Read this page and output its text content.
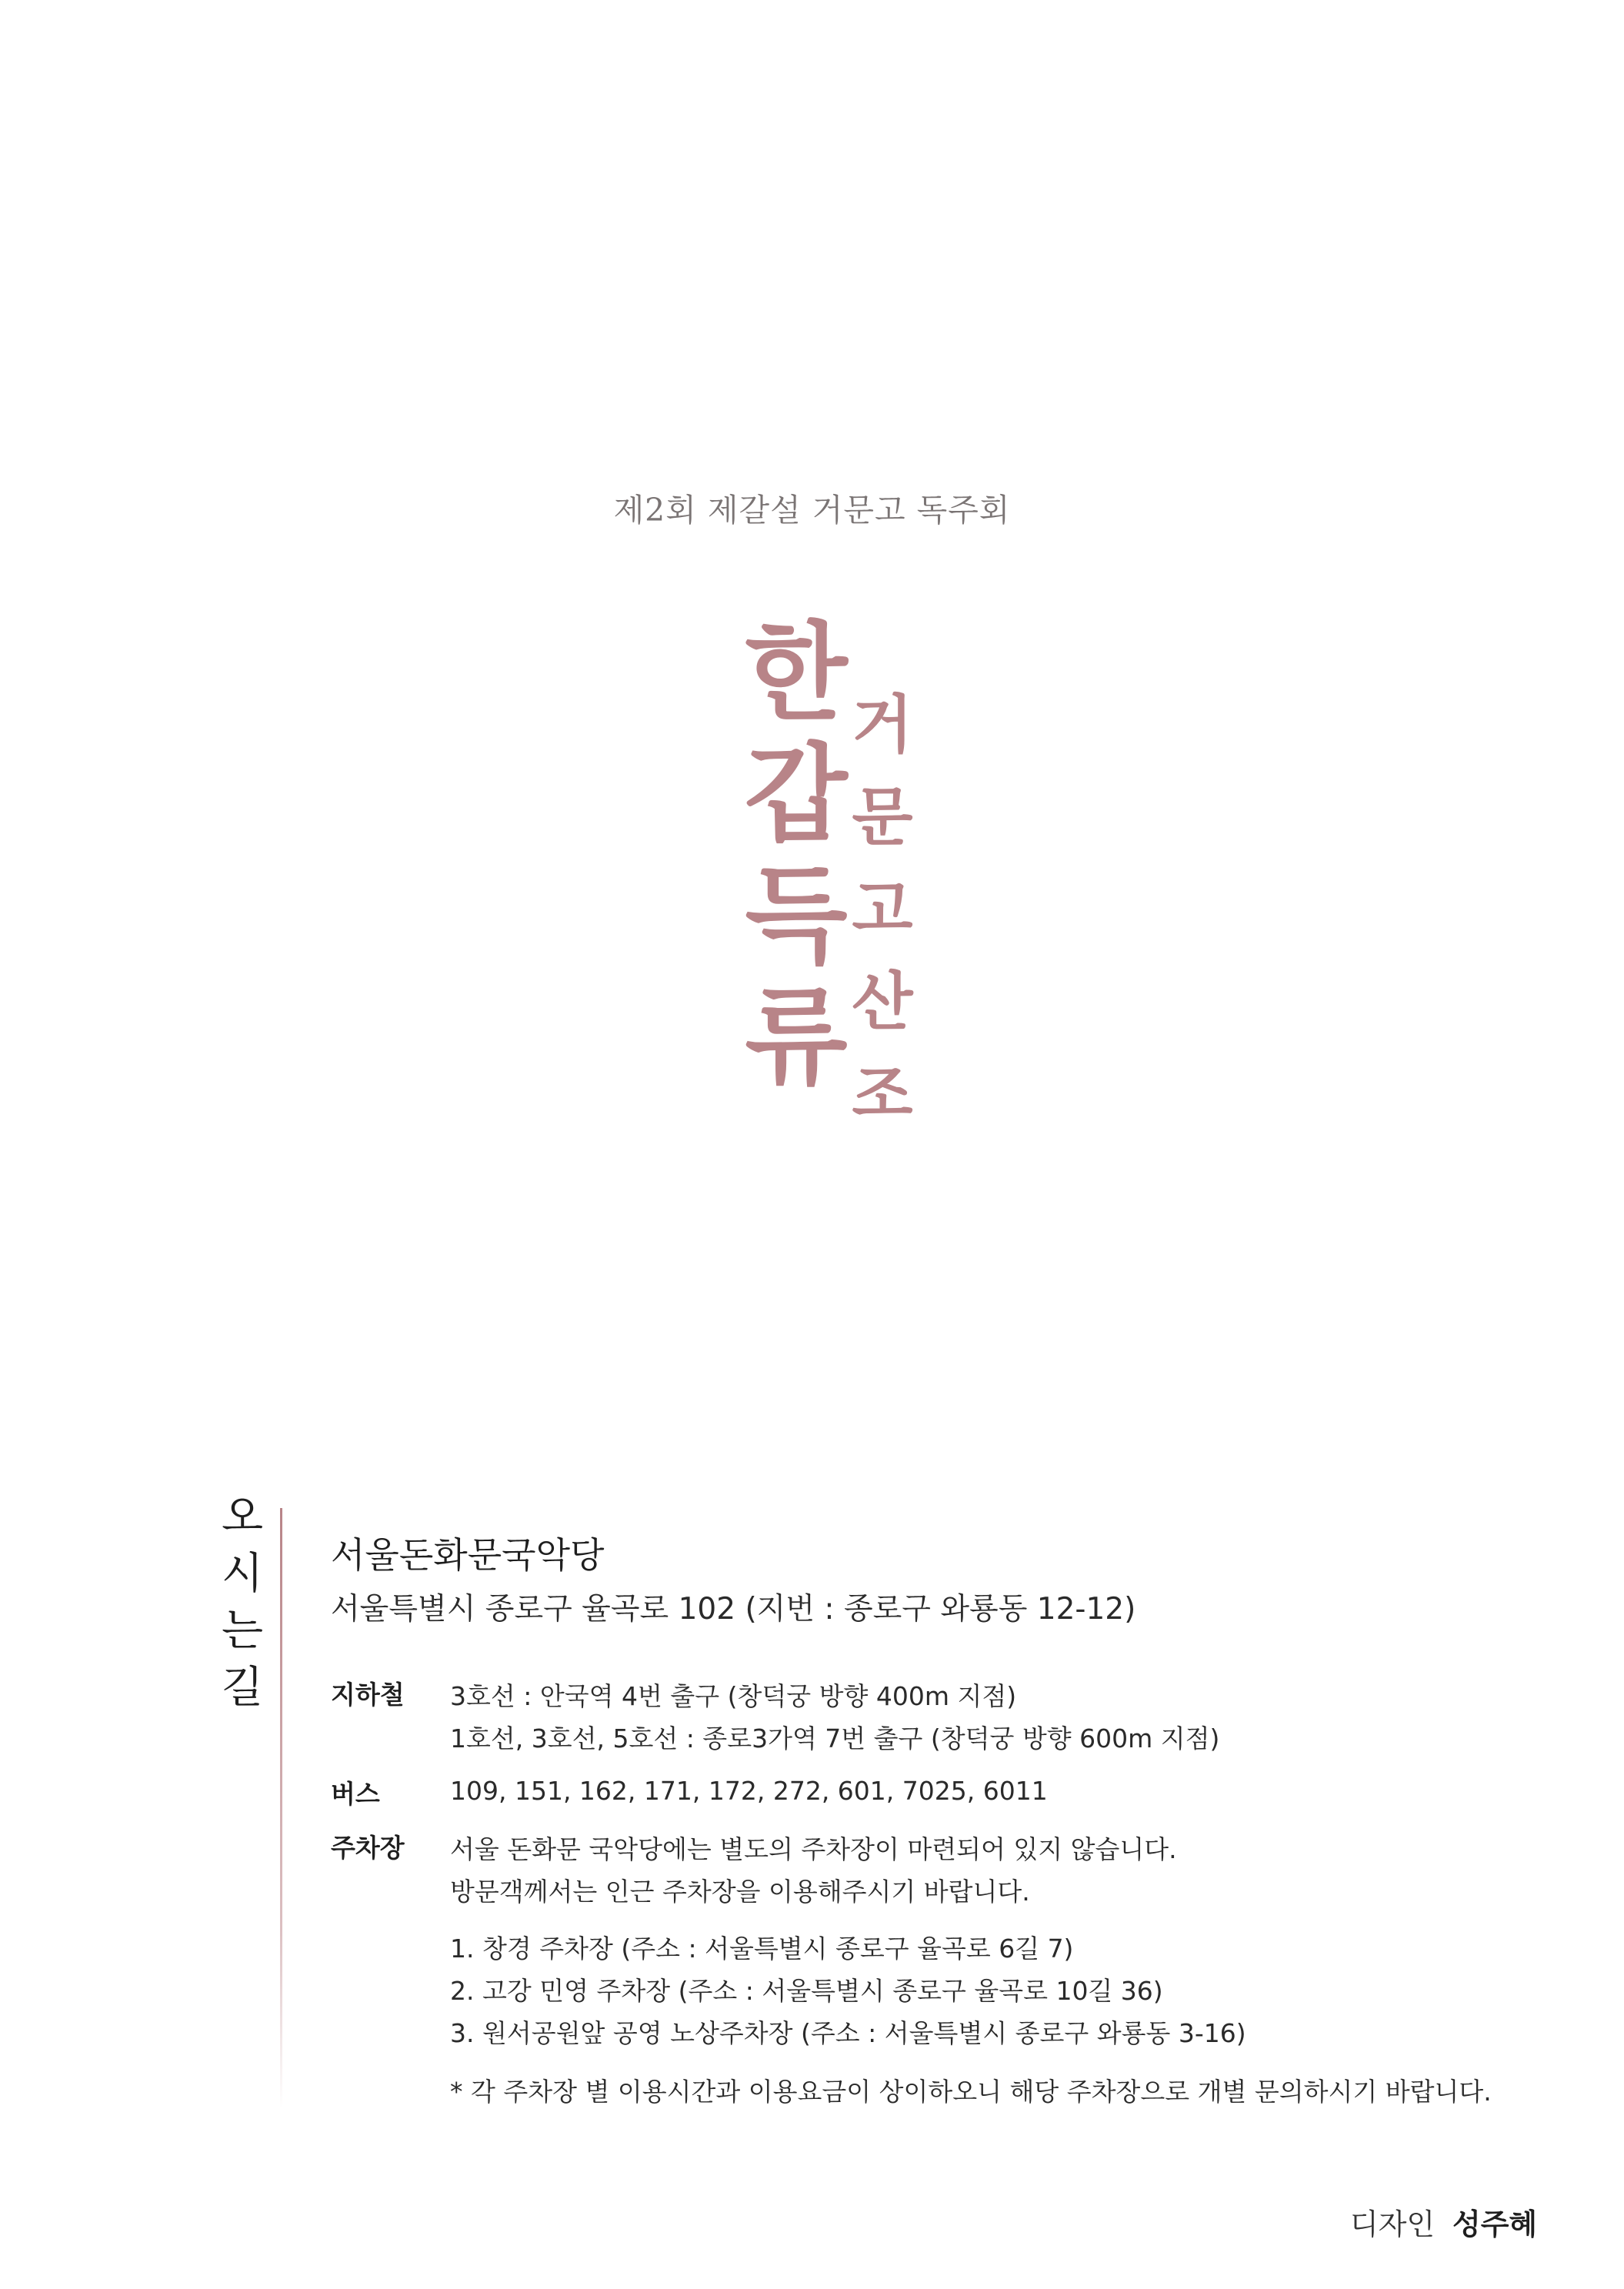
제2회 제갈설 거문고 독주회
한
갑
득
류
거
문
고
산
조
오
시
는
길
서울돈화문국악당
서울특별시 종로구 율곡로 102 (지번 : 종로구 와룡동 12-12)
지하철 3호선 : 안국역 4번 출구 (창덕궁 방향 400m 지점)
1호선, 3호선, 5호선 : 종로3가역 7번 출구 (창덕궁 방향 600m 지점)
버스	109, 151, 162, 171, 172, 272, 601, 7025, 6011
주차장 서울 돈화문 국악당에는 별도의 주차장이 마련되어 있지 않습니다.
방문객께서는 인근 주차장을 이용해주시기 바랍니다.
1. 창경 주차장 (주소 : 서울특별시 종로구 율곡로 6길 7)
2. 고강 민영 주차장 (주소 : 서울특별시 종로구 율곡로 10길 36)
3. 원서공원앞 공영 노상주차장 (주소 : 서울특별시 종로구 와룡동 3-16)
* 각 주차장 별 이용시간과 이용요금이 상이하오니 해당 주차장으로 개별 문의하시기 바랍니다.
디자인 성주혜
